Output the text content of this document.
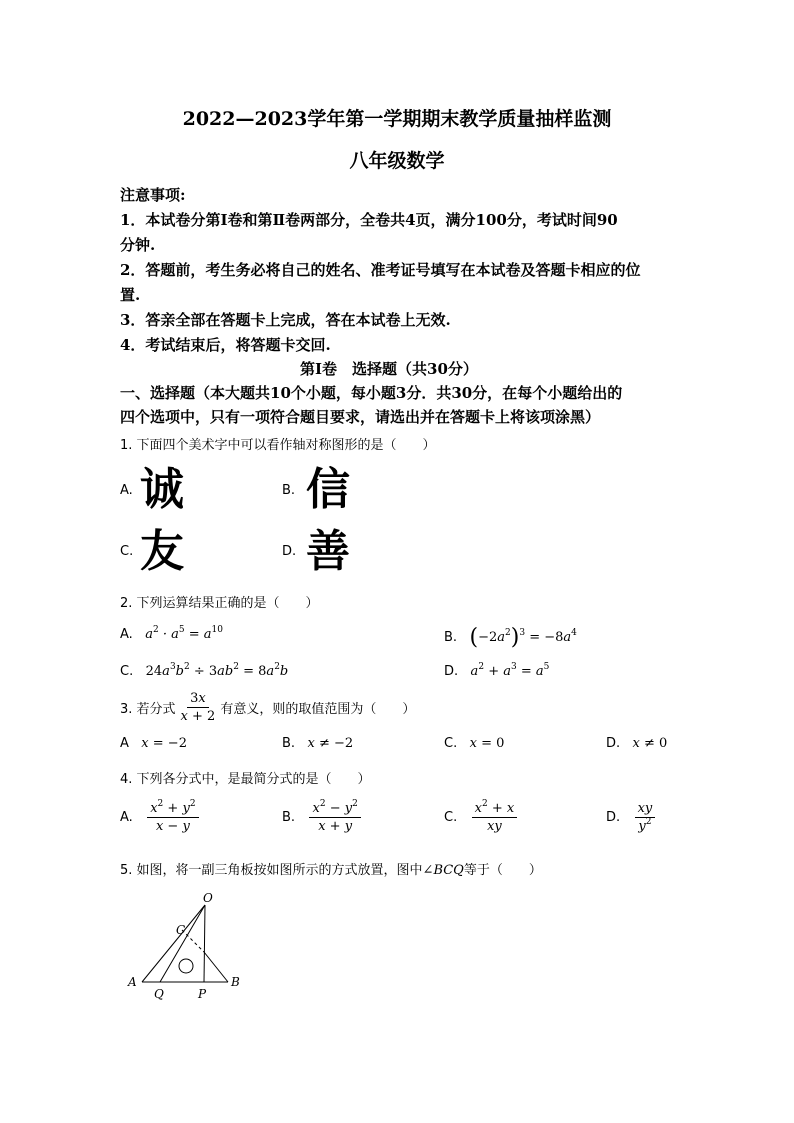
2022—2023学年第一学期期末教学质量抽样监测
八年级数学
注意事项:
1．本试卷分第Ⅰ卷和第Ⅱ卷两部分，全卷共4页，满分100分，考试时间90
分钟.
2．答题前，考生务必将自己的姓名、准考证号填写在本试卷及答题卡相应的位
置.
3．答亲全部在答题卡上完成，答在本试卷上无效.
4．考试结束后，将答题卡交回.
第Ⅰ卷　选择题（共30分）
一、选择题（本大题共10个小题，每小题3分．共30分，在每个小题给出的
四个选项中，只有一项符合题目要求，请选出并在答题卡上将该项涂黑）
1. 下面四个美术字中可以看作轴对称图形的是（　　）
A. 诚	B. 信
C. 友	D. 善
2. 下列运算结果正确的是（　　）
A.   $a^2 \cdot a^5 = a^{10}$	B. $(-2a^2)^3 = -8a^4$
C. $24a^3b^2 \div 3ab^2 = 8a^2b$	D.   $a^2 + a^3 = a^5$
3. 若分式 $\frac{3x}{x + 2}$ 有意义，则的取值范围为（　　）
A   x = −2	B.   x ≠ −2	C.   x = 0	D.   x ≠ 0
4. 下列各分式中，是最简分式的是（　　）
A.
$\frac{x^2 + y^2}{x - y}$	B.
$\frac{x^2 - y^2}{x + y}$	C.
$\frac{x^2 + x}{xy}$	D.
$\frac{xy}{y^2}$
5. 如图，将一副三角板按如图所示的方式放置，图中∠BCQ等于（　　）
O
C
A
Q	P
B
